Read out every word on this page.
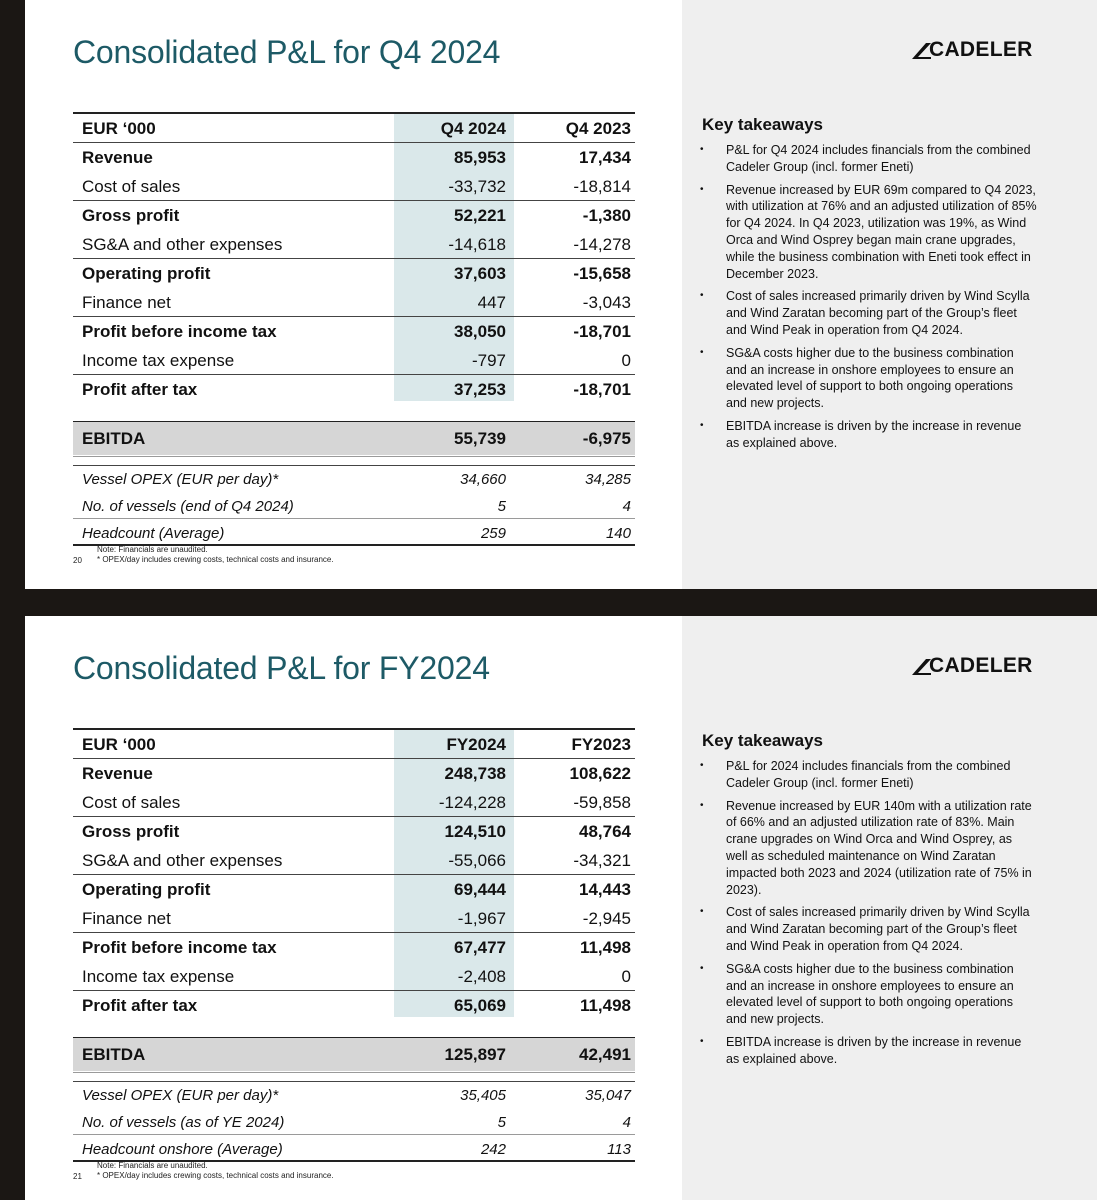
Consolidated P&L for Q4 2024	CADELER
EUR ‘000	Q4 2024	Q4 2023
Revenue	85,953	17,434
Cost of sales	-33,732	-18,814
Gross profit	52,221	-1,380
SG&A and other expenses	-14,618	-14,278
Operating profit	37,603	-15,658
Finance net	447	-3,043
Profit before income tax	38,050	-18,701
Income tax expense	-797	0
Profit after tax	37,253	-18,701
EBITDA	55,739	-6,975
Vessel OPEX (EUR per day)*	34,660	34,285
No. of vessels (end of Q4 2024)	5	4
Headcount (Average)	259	140
Note: Financials are unaudited.
* OPEX/day includes crewing costs, technical costs and insurance.
20
Key takeaways
• P&L for Q4 2024 includes financials from the combined Cadeler Group (incl. former Eneti)
• Revenue increased by EUR 69m compared to Q4 2023, with utilization at 76% and an adjusted utilization of 85% for Q4 2024. In Q4 2023, utilization was 19%, as Wind Orca and Wind Osprey began main crane upgrades, while the business combination with Eneti took effect in December 2023.
• Cost of sales increased primarily driven by Wind Scylla and Wind Zaratan becoming part of the Group’s fleet and Wind Peak in operation from Q4 2024.
• SG&A costs higher due to the business combination and an increase in onshore employees to ensure an elevated level of support to both ongoing operations and new projects.
• EBITDA increase is driven by the increase in revenue as explained above.
Consolidated P&L for FY2024	CADELER
EUR ‘000	FY2024	FY2023
Revenue	248,738	108,622
Cost of sales	-124,228	-59,858
Gross profit	124,510	48,764
SG&A and other expenses	-55,066	-34,321
Operating profit	69,444	14,443
Finance net	-1,967	-2,945
Profit before income tax	67,477	11,498
Income tax expense	-2,408	0
Profit after tax	65,069	11,498
EBITDA	125,897	42,491
Vessel OPEX (EUR per day)*	35,405	35,047
No. of vessels (as of YE 2024)	5	4
Headcount onshore (Average)	242	113
Note: Financials are unaudited.
* OPEX/day includes crewing costs, technical costs and insurance.
21
Key takeaways
• P&L for 2024 includes financials from the combined Cadeler Group (incl. former Eneti)
• Revenue increased by EUR 140m with a utilization rate of 66% and an adjusted utilization rate of 83%. Main crane upgrades on Wind Orca and Wind Osprey, as well as scheduled maintenance on Wind Zaratan impacted both 2023 and 2024 (utilization rate of 75% in 2023).
• Cost of sales increased primarily driven by Wind Scylla and Wind Zaratan becoming part of the Group’s fleet and Wind Peak in operation from Q4 2024.
• SG&A costs higher due to the business combination and an increase in onshore employees to ensure an elevated level of support to both ongoing operations and new projects.
• EBITDA increase is driven by the increase in revenue as explained above.
